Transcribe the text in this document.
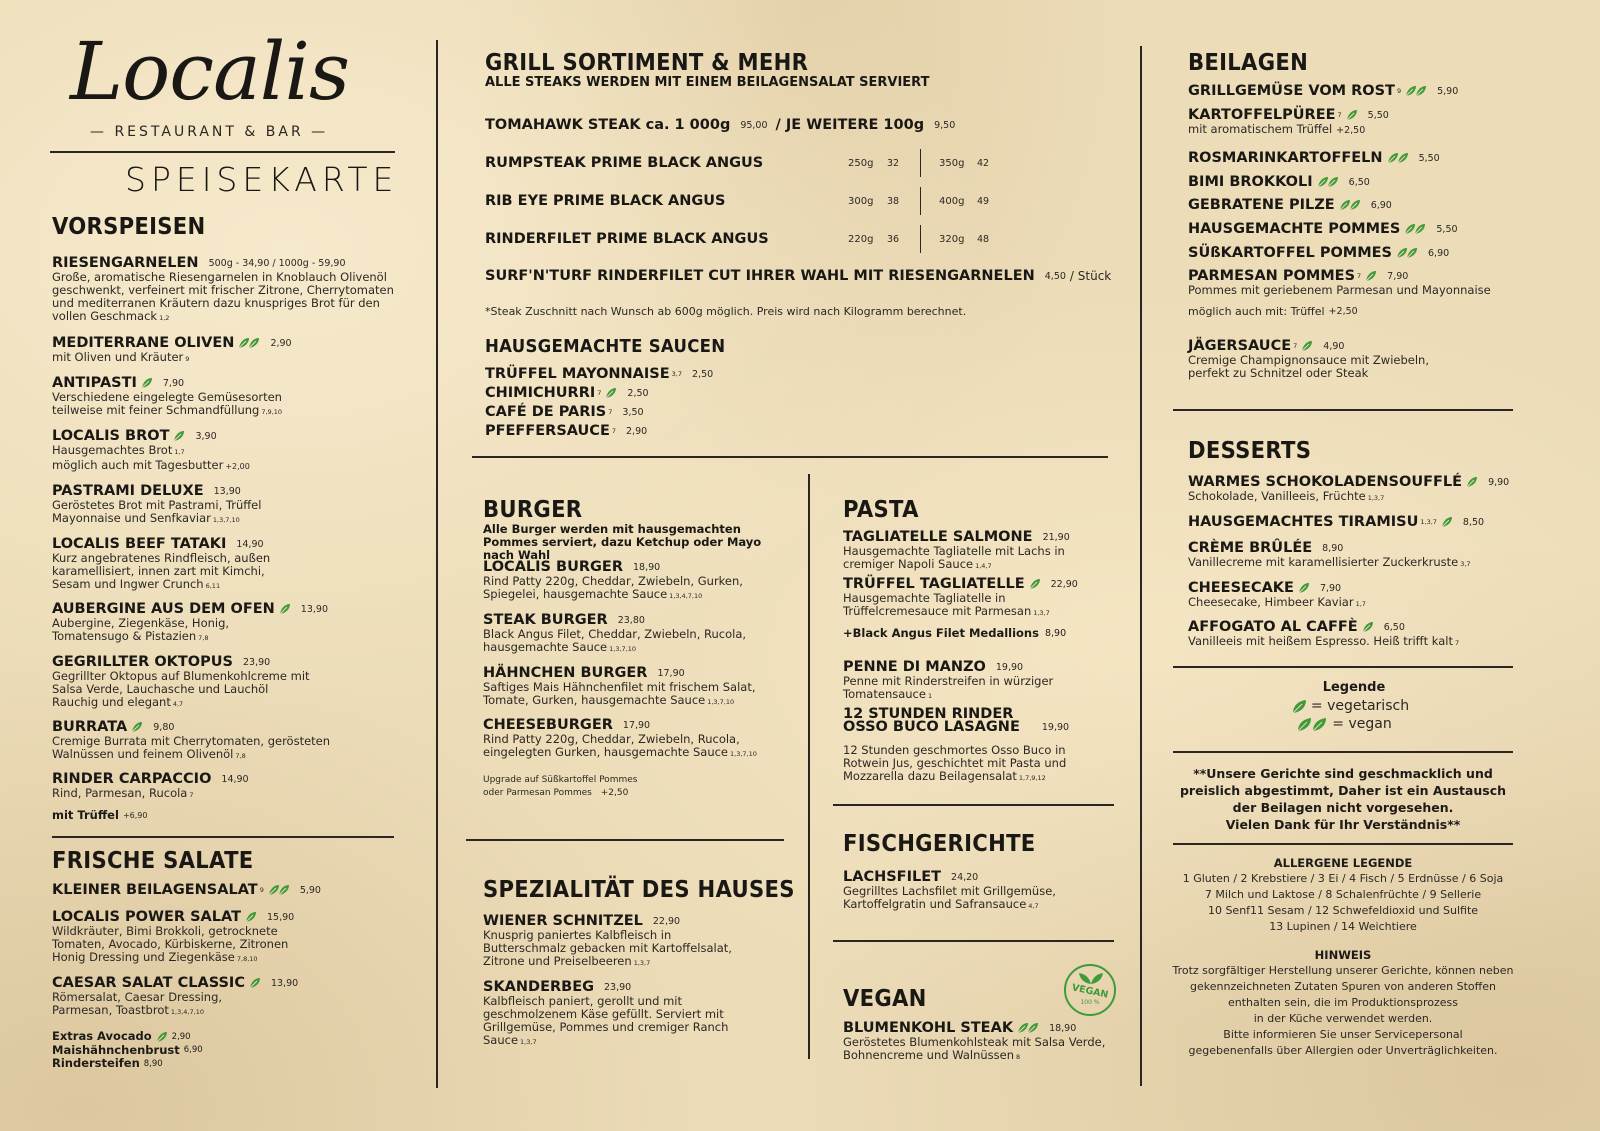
Localis
— RESTAURANT & BAR —
SPEISEKARTE
VORSPEISEN
RIESENGARNELEN 500g - 34,90 / 1000g - 59,90
Große, aromatische Riesengarnelen in Knoblauch Olivenöl geschwenkt, verfeinert mit frischer Zitrone, Cherrytomaten und mediterranen Kräutern dazu knuspriges Brot für den vollen Geschmack 1,2
MEDITERRANE OLIVEN	2,90
mit Oliven und Kräuter 9
ANTIPASTI	7,90
Verschiedene eingelegte Gemüsesorten teilweise mit feiner Schmandfüllung 7,9,10
LOCALIS BROT	3,90
Hausgemachtes Brot 1,7
möglich auch mit Tagesbutter +2,00
PASTRAMI DELUXE 13,90
Geröstetes Brot mit Pastrami, Trüffel Mayonnaise und Senfkaviar 1,3,7,10
LOCALIS BEEF TATAKI 14,90
Kurz angebratenes Rindfleisch, außen karamellisiert, innen zart mit Kimchi, Sesam und Ingwer Crunch 6,11
AUBERGINE AUS DEM OFEN	13,90
Aubergine, Ziegenkäse, Honig, Tomatensugo & Pistazien 7,8
GEGRILLTER OKTOPUS 23,90
Gegrillter Oktopus auf Blumenkohlcreme mit Salsa Verde, Lauchasche und Lauchöl Rauchig und elegant 4,7
BURRATA	9,80
Cremige Burrata mit Cherrytomaten, gerösteten Walnüssen und feinem Olivenöl 7,8
RINDER CARPACCIO 14,90
Rind, Parmesan, Rucola 7
mit Trüffel +6,90
FRISCHE SALATE
KLEINER BEILAGENSALAT 9	5,90
LOCALIS POWER SALAT	15,90
Wildkräuter, Bimi Brokkoli, getrocknete Tomaten, Avocado, Kürbiskerne, Zitronen Honig Dressing und Ziegenkäse 7,8,10
CAESAR SALAT CLASSIC	13,90
Römersalat, Caesar Dressing, Parmesan, Toastbrot 1,3,4,7,10
Extras Avocado 2,90
Maishähnchenbrust 6,90
Rindersteifen 8,90
GRILL SORTIMENT & MEHR
ALLE STEAKS WERDEN MIT EINEM BEILAGENSALAT SERVIERT
TOMAHAWK STEAK ca. 1 000g 95,00 / JE WEITERE 100g 9,50
RUMPSTEAK PRIME BLACK ANGUS	250g 32	350g 42
RIB EYE PRIME BLACK ANGUS	300g 38	400g 49
RINDERFILET PRIME BLACK ANGUS	220g 36	320g 48
SURF'N'TURF RINDERFILET CUT IHRER WAHL MIT RIESENGARNELEN 4,50 / Stück
*Steak Zuschnitt nach Wunsch ab 600g möglich. Preis wird nach Kilogramm berechnet.
HAUSGEMACHTE SAUCEN
TRÜFFEL MAYONNAISE 3,7 2,50
CHIMICHURRI 7	2,50
CAFÉ DE PARIS 7 3,50
PFEFFERSAUCE 7 2,90
BURGER
Alle Burger werden mit hausgemachten Pommes serviert, dazu Ketchup oder Mayo nach Wahl
LOCALIS BURGER 18,90
Rind Patty 220g, Cheddar, Zwiebeln, Gurken, Spiegelei, hausgemachte Sauce 1,3,4,7,10
STEAK BURGER 23,80
Black Angus Filet, Cheddar, Zwiebeln, Rucola, hausgemachte Sauce 1,3,7,10
HÄHNCHEN BURGER 17,90
Saftiges Mais Hähnchenfilet mit frischem Salat, Tomate, Gurken, hausgemachte Sauce 1,3,7,10
CHEESEBURGER 17,90
Rind Patty 220g, Cheddar, Zwiebeln, Rucola, eingelegten Gurken, hausgemachte Sauce 1,3,7,10
Upgrade auf Süßkartoffel Pommes oder Parmesan Pommes +2,50
SPEZIALITÄT DES HAUSES
WIENER SCHNITZEL 22,90
Knusprig paniertes Kalbfleisch in Butterschmalz gebacken mit Kartoffelsalat, Zitrone und Preiselbeeren 1,3,7
SKANDERBEG 23,90
Kalbfleisch paniert, gerollt und mit geschmolzenem Käse gefüllt. Serviert mit Grillgemüse, Pommes und cremiger Ranch Sauce 1,3,7
PASTA
TAGLIATELLE SALMONE 21,90
Hausgemachte Tagliatelle mit Lachs in cremiger Napoli Sauce 1,4,7
TRÜFFEL TAGLIATELLE	22,90
Hausgemachte Tagliatelle in Trüffelcremesauce mit Parmesan 1,3,7
PENNE DI MANZO 19,90
Penne mit Rinderstreifen in würziger Tomatensauce 1
12 STUNDEN RINDER
OSSO BUCO LASAGNE 19,90
12 Stunden geschmortes Osso Buco in Rotwein Jus, geschichtet mit Pasta und Mozzarella dazu Beilagensalat 1,7,9,12
+Black Angus Filet Medallions 8,90
FISCHGERICHTE
LACHSFILET 24,20
Gegrilltes Lachsfilet mit Grillgemüse, Kartoffelgratin und Safransauce 4,7
VEGAN	VEGAN
100 %
BLUMENKOHL STEAK	18,90
Geröstetes Blumenkohlsteak mit Salsa Verde, Bohnencreme und Walnüssen 8
BEILAGEN
GRILLGEMÜSE VOM ROST 9	5,90
KARTOFFELPÜREE 7	5,50
mit aromatischem Trüffel +2,50
ROSMARINKARTOFFELN	5,50
BIMI BROKKOLI	6,50
GEBRATENE PILZE	6,90
HAUSGEMACHTE POMMES	5,50
SÜßKARTOFFEL POMMES	6,90
PARMESAN POMMES 7	7,90
Pommes mit geriebenem Parmesan und Mayonnaise
möglich auch mit: Trüffel +2,50
JÄGERSAUCE 7	4,90
Cremige Champignonsauce mit Zwiebeln, perfekt zu Schnitzel oder Steak
DESSERTS
WARMES SCHOKOLADENSOUFFLÉ	9,90
Schokolade, Vanilleeis, Früchte 1,3,7
HAUSGEMACHTES TIRAMISU 1,3,7	8,50
CRÈME BRÛLÉE 8,90
Vanillecreme mit karamellisierter Zuckerkruste 3,7
CHEESECAKE	7,90
Cheesecake, Himbeer Kaviar 1,7
AFFOGATO AL CAFFÈ	6,50
Vanilleeis mit heißem Espresso. Heiß trifft kalt 7
Legende
= vegetarisch
= vegan
**Unsere Gerichte sind geschmacklich und
preislich abgestimmt, Daher ist ein Austausch
der Beilagen nicht vorgesehen.
Vielen Dank für Ihr Verständnis**
ALLERGENE LEGENDE
1 Gluten / 2 Krebstiere / 3 Ei / 4 Fisch / 5 Erdnüsse / 6 Soja
7 Milch und Laktose / 8 Schalenfrüchte / 9 Sellerie
10 Senf11 Sesam / 12 Schwefeldioxid und Sulfite
13 Lupinen / 14 Weichtiere
HINWEIS
Trotz sorgfältiger Herstellung unserer Gerichte, können neben
gekennzeichneten Zutaten Spuren von anderen Stoffen
enthalten sein, die im Produktionsprozess
in der Küche verwendet werden.
Bitte informieren Sie unser Servicepersonal
gegebenenfalls über Allergien oder Unverträglichkeiten.
